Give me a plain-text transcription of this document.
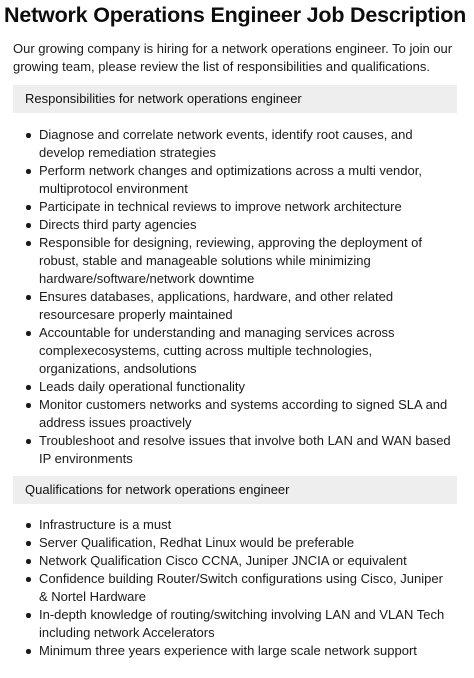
Network Operations Engineer Job Description

Our growing company is hiring for a network operations engineer. To join our growing team, please review the list of responsibilities and qualifications.

Responsibilities for network operations engineer
Diagnose and correlate network events, identify root causes, and develop remediation strategies
Perform network changes and optimizations across a multi vendor, multiprotocol environment
Participate in technical reviews to improve network architecture
Directs third party agencies
Responsible for designing, reviewing, approving the deployment of robust, stable and manageable solutions while minimizing hardware/software/network downtime
Ensures databases, applications, hardware, and other related resourcesare properly maintained
Accountable for understanding and managing services across complexecosystems, cutting across multiple technologies, organizations, andsolutions
Leads daily operational functionality
Monitor customers networks and systems according to signed SLA and address issues proactively
Troubleshoot and resolve issues that involve both LAN and WAN based IP environments
Qualifications for network operations engineer
Infrastructure is a must
Server Qualification, Redhat Linux would be preferable
Network Qualification Cisco CCNA, Juniper JNCIA or equivalent
Confidence building Router/Switch configurations using Cisco, Juniper & Nortel Hardware
In-depth knowledge of routing/switching involving LAN and VLAN Tech including network Accelerators
Minimum three years experience with large scale network support
